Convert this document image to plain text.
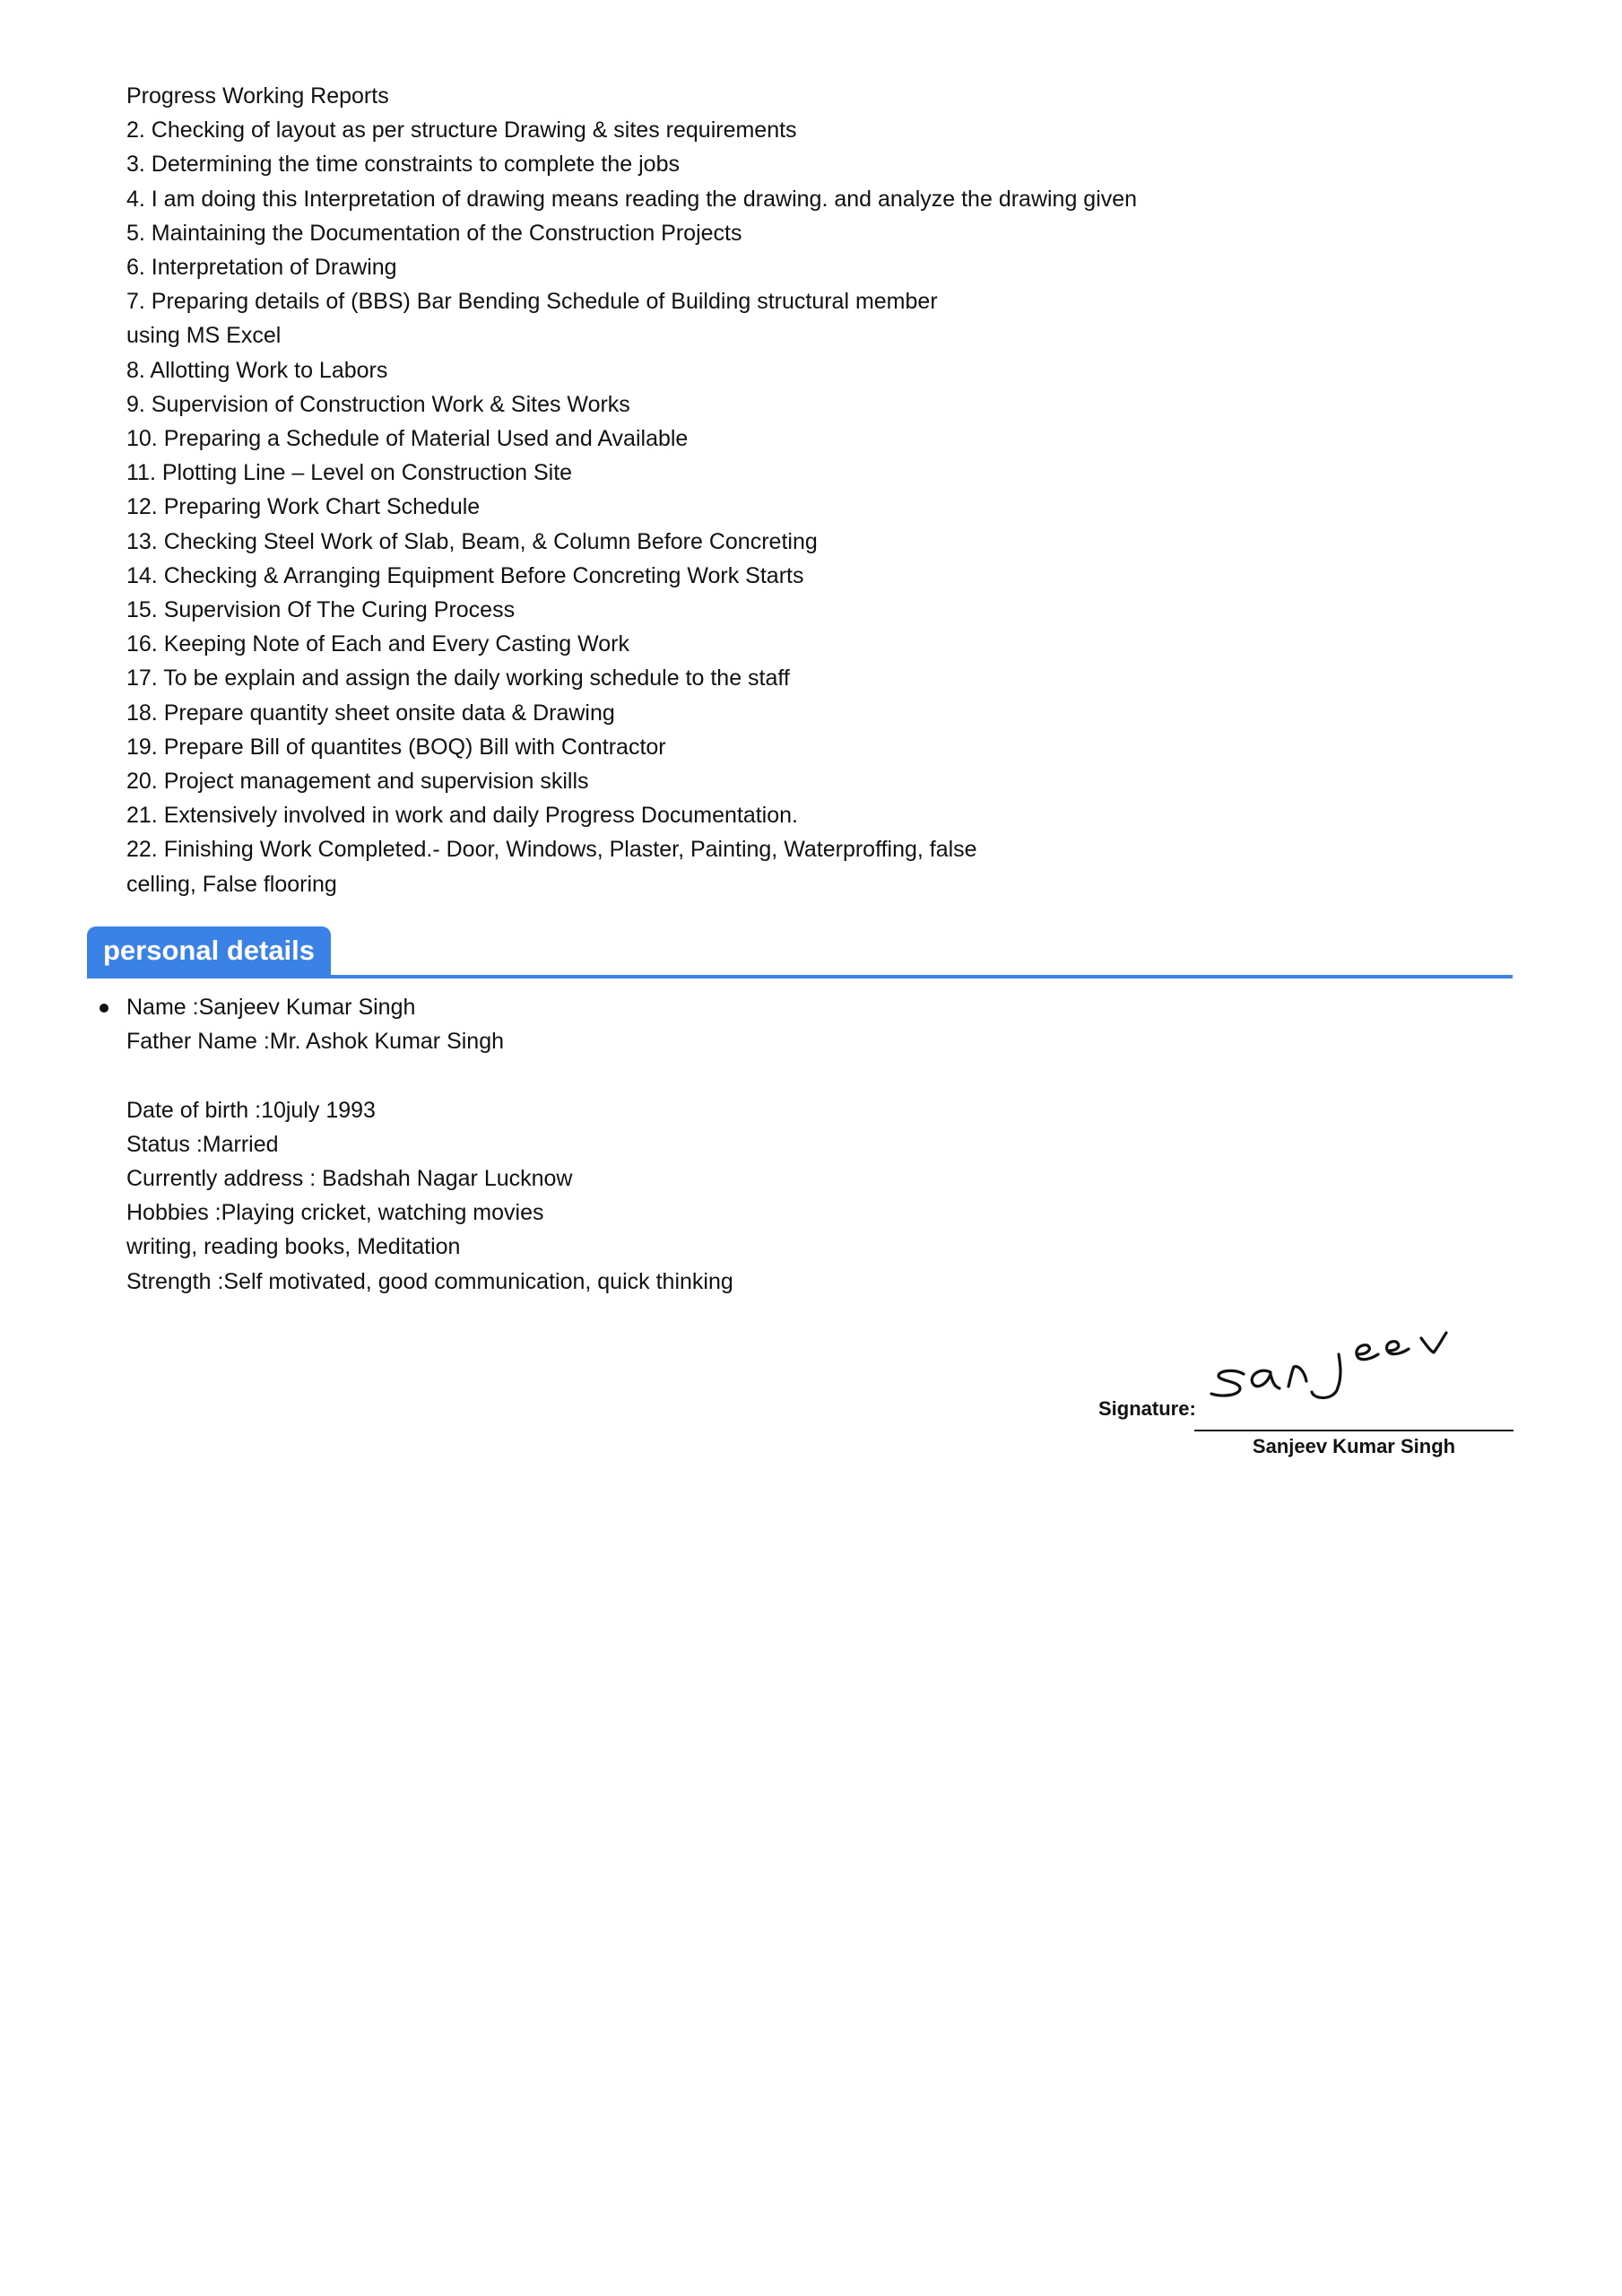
Progress Working Reports
2. Checking of layout as per structure Drawing & sites requirements
3. Determining the time constraints to complete the jobs
4. I am doing this Interpretation of drawing means reading the drawing. and analyze the drawing given
5. Maintaining the Documentation of the Construction Projects
6. Interpretation of Drawing
7. Preparing details of (BBS) Bar Bending Schedule of Building structural member
using MS Excel
8. Allotting Work to Labors
9. Supervision of Construction Work & Sites Works
10. Preparing a Schedule of Material Used and Available
11. Plotting Line – Level on Construction Site
12. Preparing Work Chart Schedule
13. Checking Steel Work of Slab, Beam, & Column Before Concreting
14. Checking & Arranging Equipment Before Concreting Work Starts
15. Supervision Of The Curing Process
16. Keeping Note of Each and Every Casting Work
17. To be explain and assign the daily working schedule to the staff
18. Prepare quantity sheet onsite data & Drawing
19. Prepare Bill of quantites (BOQ) Bill with Contractor
20. Project management and supervision skills
21. Extensively involved in work and daily Progress Documentation.
22. Finishing Work Completed.- Door, Windows, Plaster, Painting, Waterproffing, false
celling, False flooring
personal details
Name :Sanjeev Kumar Singh
Father Name :Mr. Ashok Kumar Singh
Date of birth :10july 1993
Status :Married
Currently address : Badshah Nagar Lucknow
Hobbies :Playing cricket, watching movies
writing, reading books, Meditation
Strength :Self motivated, good communication, quick thinking
Signature:
Sanjeev Kumar Singh
